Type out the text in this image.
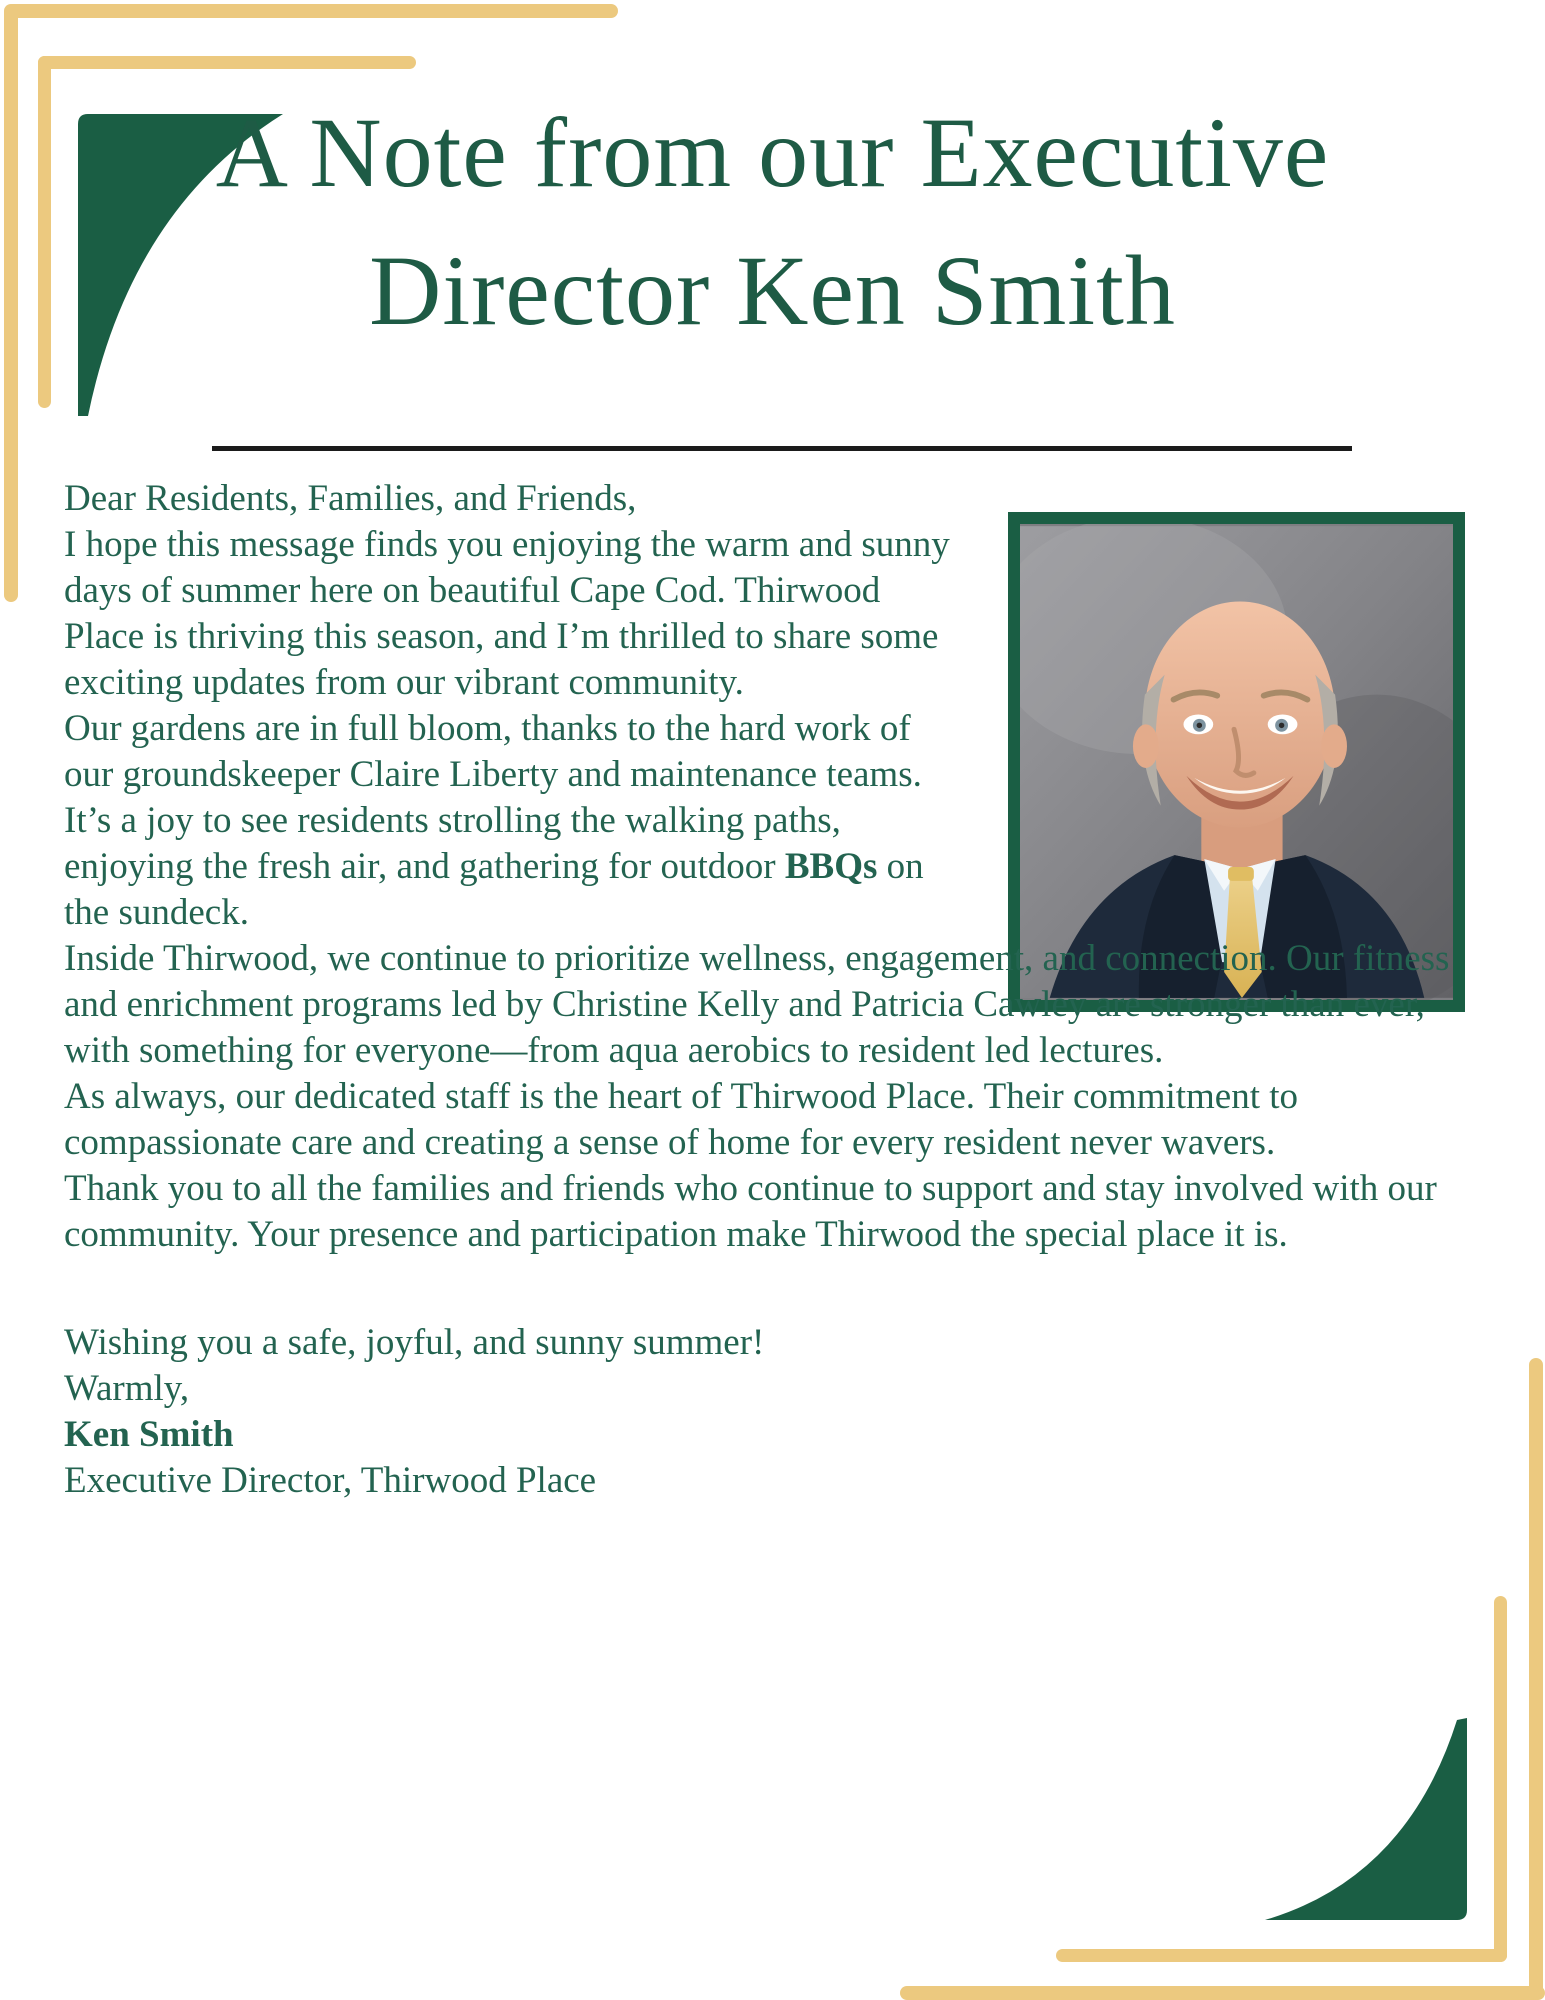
A Note from our Executive
Director Ken Smith

Dear Residents, Families, and Friends,

I hope this message finds you enjoying the warm and sunny days of summer here on beautiful Cape Cod. Thirwood Place is thriving this season, and I’m thrilled to share some exciting updates from our vibrant community.

Our gardens are in full bloom, thanks to the hard work of our groundskeeper Claire Liberty and maintenance teams. It’s a joy to see residents strolling the walking paths, enjoying the fresh air, and gathering for outdoor BBQs on the sundeck.

Inside Thirwood, we continue to prioritize wellness, engagement, and connection. Our fitness and enrichment programs led by Christine Kelly and Patricia Cawley are stronger than ever, with something for everyone—from aqua aerobics to resident led lectures.

As always, our dedicated staff is the heart of Thirwood Place. Their commitment to compassionate care and creating a sense of home for every resident never wavers.

Thank you to all the families and friends who continue to support and stay involved with our community. Your presence and participation make Thirwood the special place it is.

Wishing you a safe, joyful, and sunny summer!

Warmly,

Ken Smith

Executive Director, Thirwood Place
